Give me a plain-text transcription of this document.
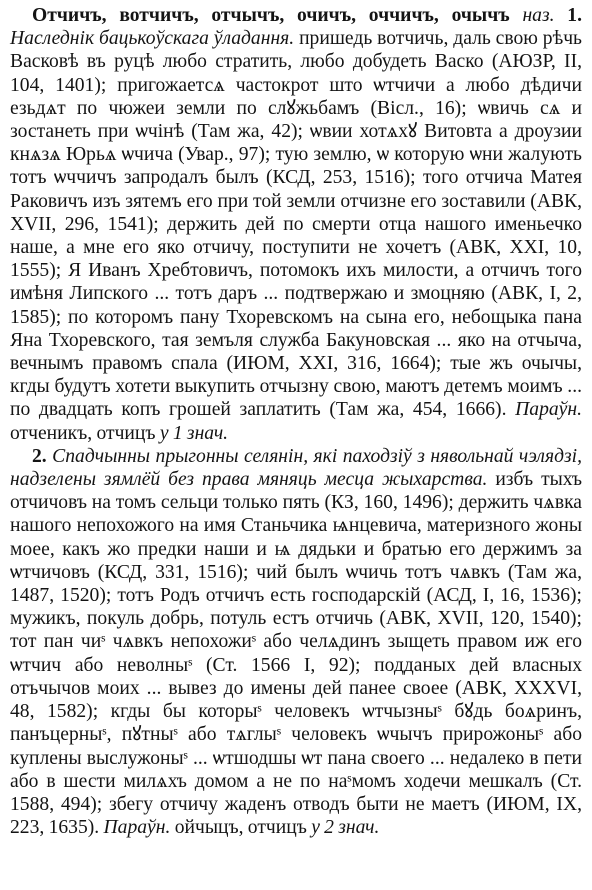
Отчичъ, вотчичъ, отчычъ, очичъ, оччичъ, очычъ наз. 1. Наследнік бацькоўскага ўладання. пришедь вотчичь, даль свою рѣчь Васковѣ въ руцѣ любо стратить, любо добудеть Васко (АЮЗР, II, 104, 1401); пригожаетсѧ частокрот што ѡтчичи а любо дѣдичи езьдѧт по чюжеи земли по слꙋжьбамъ (Вісл., 16); ѡвичь сѧ и зостанеть при ѡчінѣ (Там жа, 42); ѡвии хотѧхꙋ Витовта а дроузии кнѧзѧ Юрьѧ ѡчича (Увар., 97); тую землю, ѡ которую ѡни жалують тотъ ѡччичъ запродалъ былъ (КСД, 253, 1516); того отчича Матея Раковичъ изъ зятемъ его при той земли отчизне его зоставили (АВК, XVII, 296, 1541); держить дей по смерти отца нашого именьечко наше, а мне его яко отчичу, поступити не хочетъ (АВК, XXI, 10, 1555); Я Иванъ Хребтовичъ, потомокъ ихъ милости, а отчичъ того имѣня Липского ... тотъ даръ ... подтвержаю и змоцняю (АВК, I, 2, 1585); по которомъ пану Тхоревскомъ на сына его, небощыка пана Яна Тхоревского, тая земъля служба Бакуновская ... яко на отчыча, вечнымъ правомъ спала (ИЮМ, XXI, 316, 1664); тые жъ очычы, кгды будутъ хотети выкупить отчызну свою, маютъ детемъ моимъ ... по двадцать копъ грошей заплатить (Там жа, 454, 1666). Параўн. отченикъ, отчицъ у 1 знач.

2. Спадчынны прыгонны селянін, які паходзіў з нявольнай чэлядзі, надзелены зямлёй без права мяняць месца жыхарства. избъ тыхъ отчичовъ на томъ сельци только пять (КЗ, 160, 1496); держить чѧвка нашого непохожого на имя Станьчика ѩнцевича, материзного жоны моее, какъ жо предки наши и ѩ дядьки и братью его держимъ за ѡтчичовъ (КСД, 331, 1516); чий былъ ѡчичь тотъ чѧвкъ (Там жа, 1487, 1520); тотъ Родъ отчичъ есть господарскій (АСД, I, 16, 1536); мужикъ, покуль добрь, потуль естъ отчичь (АВК, XVII, 120, 1540); тот пан чиˢ чѧвкъ непохожиˢ або челѧдинъ зыщеть правом иж его ѡтчич або неволныˢ (Ст. 1566 I, 92); подданых дей власных отъчычов моих ... вывез до имены дей панее своее (АВК, XXXVI, 48, 1582); кгды бы которыˢ человекъ ѡтчызныˢ бꙋдь боѧринъ, панъцерныˢ, пꙋтныˢ або тѧглыˢ человекъ ѡчычъ прирожоныˢ або куплены выслужоныˢ ... ѡтшодшы ѡт пана своего ... недалеко в пети або в шести милѧхъ домом а не по наˢмомъ ходечи мешкалъ (Ст. 1588, 494); збегу отчичу жаденъ отводъ быти не маетъ (ИЮМ, IX, 223, 1635). Параўн. ойчыцъ, отчицъ у 2 знач.
